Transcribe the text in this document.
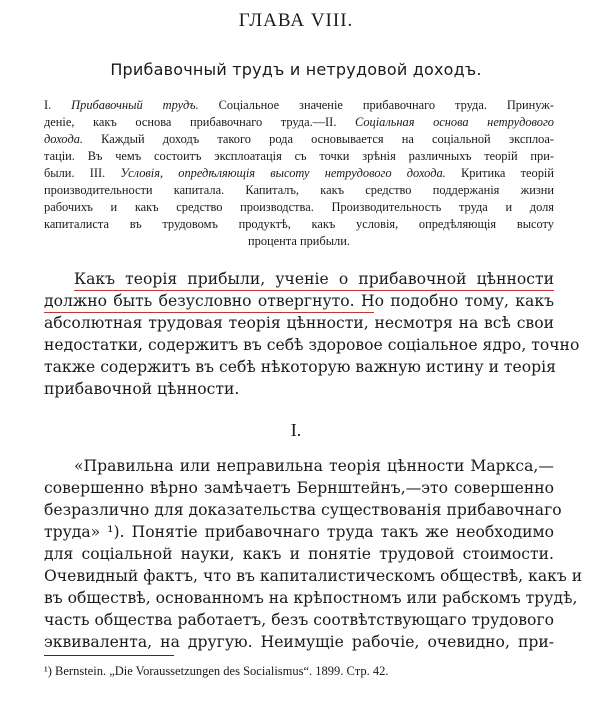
ГЛАВА VIII.
Прибавочный трудъ и нетрудовой доходъ.
I. Прибавочный трудъ. Соціальное значеніе прибавочнаго труда. Принуж-
деніе, какъ основа прибавочнаго труда.—II. Соціальная основа нетрудового
дохода. Каждый доходъ такого рода основывается на соціальной эксплоа-
таціи. Въ чемъ состоитъ эксплоатація съ точки зрѣнія различныхъ теорій при-
были. III. Условія, опредѣляющія высоту нетрудового дохода. Критика теорій
производительности капитала. Капиталъ, какъ средство поддержанія жизни
рабочихъ и какъ средство производства. Производительность труда и доля
капиталиста въ трудовомъ продуктѣ, какъ условія, опредѣляющія высоту
процента прибыли.
Какъ теорія прибыли, ученіе о прибавочной цѣнности
должно быть безусловно отвергнуто. Но подобно тому, какъ
абсолютная трудовая теорія цѣнности, несмотря на всѣ свои
недостатки, содержитъ въ себѣ здоровое соціальное ядро, точно
также содержитъ въ себѣ нѣкоторую важную истину и теорія
прибавочной цѣнности.
I.
«Правильна или неправильна теорія цѣнности Маркса,—
совершенно вѣрно замѣчаетъ Бернштейнъ,—это совершенно
безразлично для доказательства существованія прибавочнаго
труда» ¹). Понятіе прибавочнаго труда такъ же необходимо
для соціальной науки, какъ и понятіе трудовой стоимости.
Очевидный фактъ, что въ капиталистическомъ обществѣ, какъ и
въ обществѣ, основанномъ на крѣпостномъ или рабскомъ трудѣ,
часть общества работаетъ, безъ соотвѣтствующаго трудового
эквивалента, на другую. Неимущіе рабочіе, очевидно, при-
¹) Bernstein. „Die Voraussetzungen des Socialismus“. 1899. Стр. 42.
